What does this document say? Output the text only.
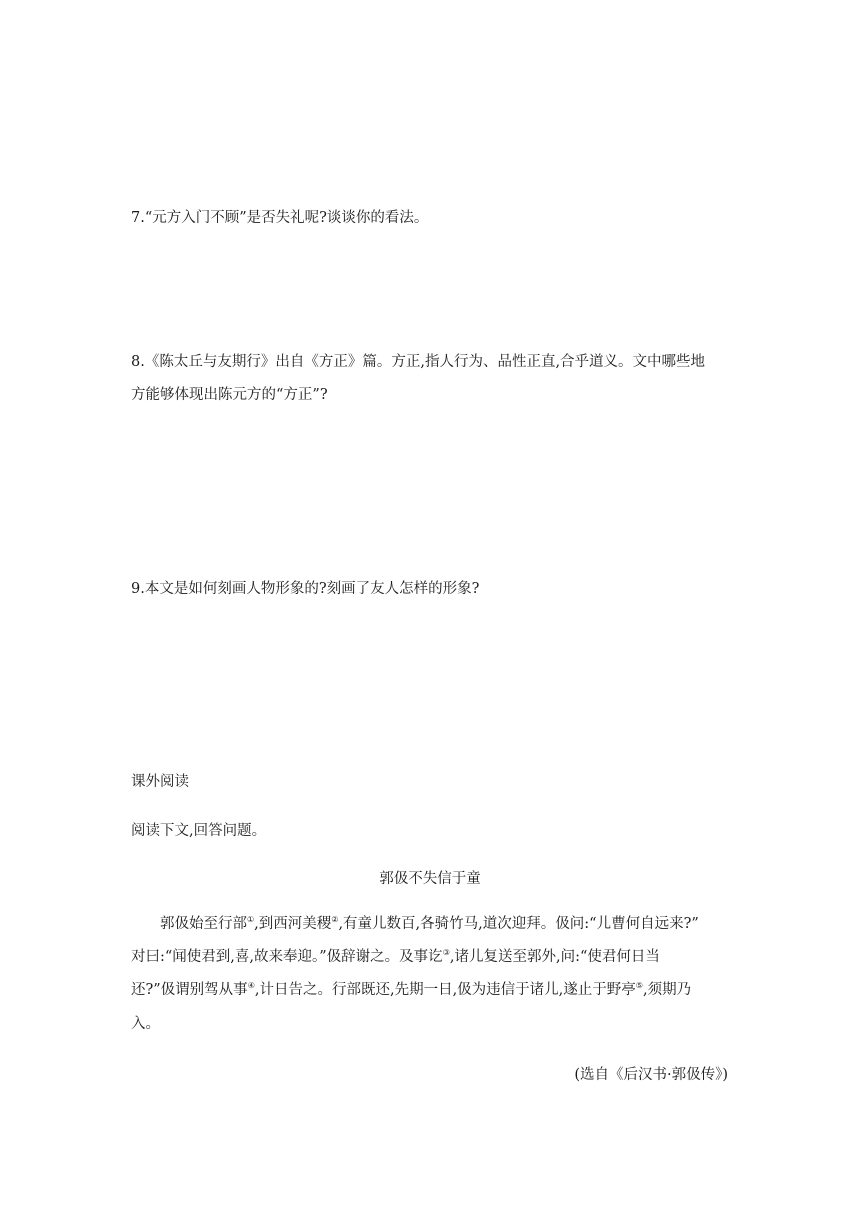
7.“元方入门不顾”是否失礼呢?谈谈你的看法。
8.《陈太丘与友期行》出自《方正》篇。方正,指人行为、品性正直,合乎道义。文中哪些地
方能够体现出陈元方的“方正”?
9.本文是如何刻画人物形象的?刻画了友人怎样的形象?
课外阅读
阅读下文,回答问题。
郭伋不失信于童
郭伋始至行部①,到西河美稷②,有童儿数百,各骑竹马,道次迎拜。伋问:“儿曹何自远来?”
对曰:“闻使君到,喜,故来奉迎。”伋辞谢之。及事讫③,诸儿复送至郭外,问:“使君何日当
还?”伋谓别驾从事④,计日告之。行部既还,先期一日,伋为违信于诸儿,遂止于野亭⑤,须期乃
入。
(选自《后汉书·郭伋传》)
